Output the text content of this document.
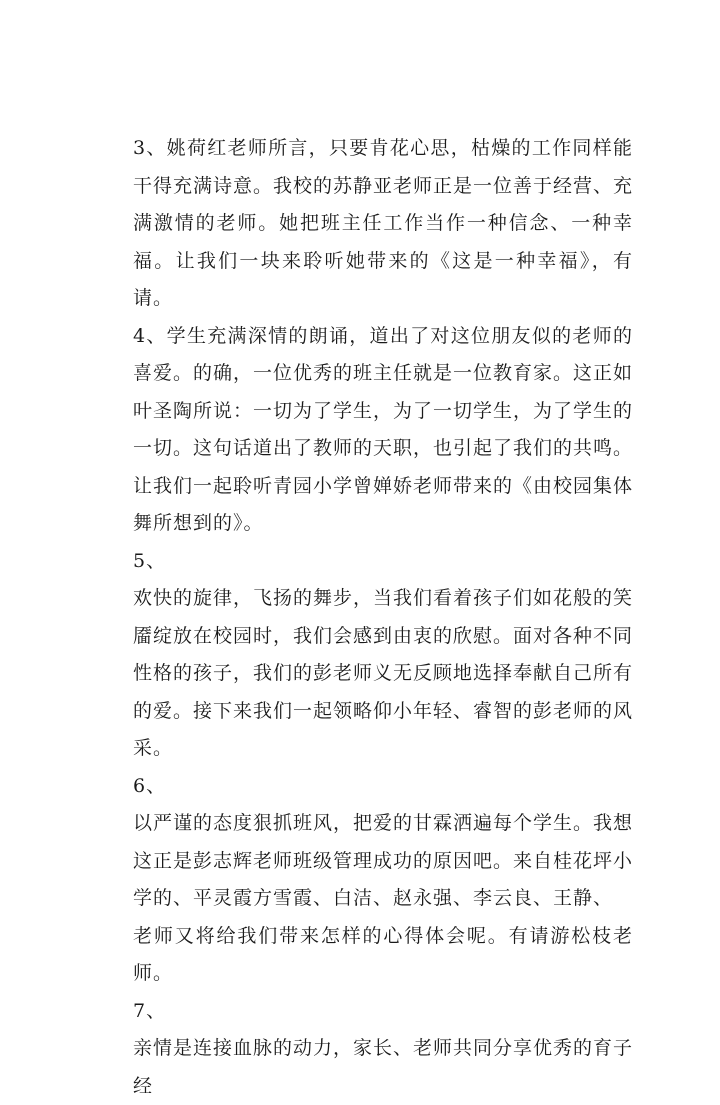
3、姚荷红老师所言，只要肯花心思，枯燥的工作同样能干得充满诗意。我校的苏静亚老师正是一位善于经营、充满激情的老师。她把班主任工作当作一种信念、一种幸福。让我们一块来聆听她带来的《这是一种幸福》，有请。

4、学生充满深情的朗诵，道出了对这位朋友似的老师的喜爱。的确，一位优秀的班主任就是一位教育家。这正如叶圣陶所说：一切为了学生，为了一切学生，为了学生的一切。这句话道出了教师的天职，也引起了我们的共鸣。让我们一起聆听青园小学曾婵娇老师带来的《由校园集体舞所想到的》。

5、

欢快的旋律，飞扬的舞步，当我们看着孩子们如花般的笑靥绽放在校园时，我们会感到由衷的欣慰。面对各种不同性格的孩子，我们的彭老师义无反顾地选择奉献自己所有的爱。接下来我们一起领略仰小年轻、睿智的彭老师的风采。

6、

以严谨的态度狠抓班风，把爱的甘霖洒遍每个学生。我想这正是彭志辉老师班级管理成功的原因吧。来自桂花坪小学的、平灵霞方雪霞、白洁、赵永强、李云良、王静、

老师又将给我们带来怎样的心得体会呢。有请游松枝老师。

7、

亲情是连接血脉的动力，家长、老师共同分享优秀的育子经
